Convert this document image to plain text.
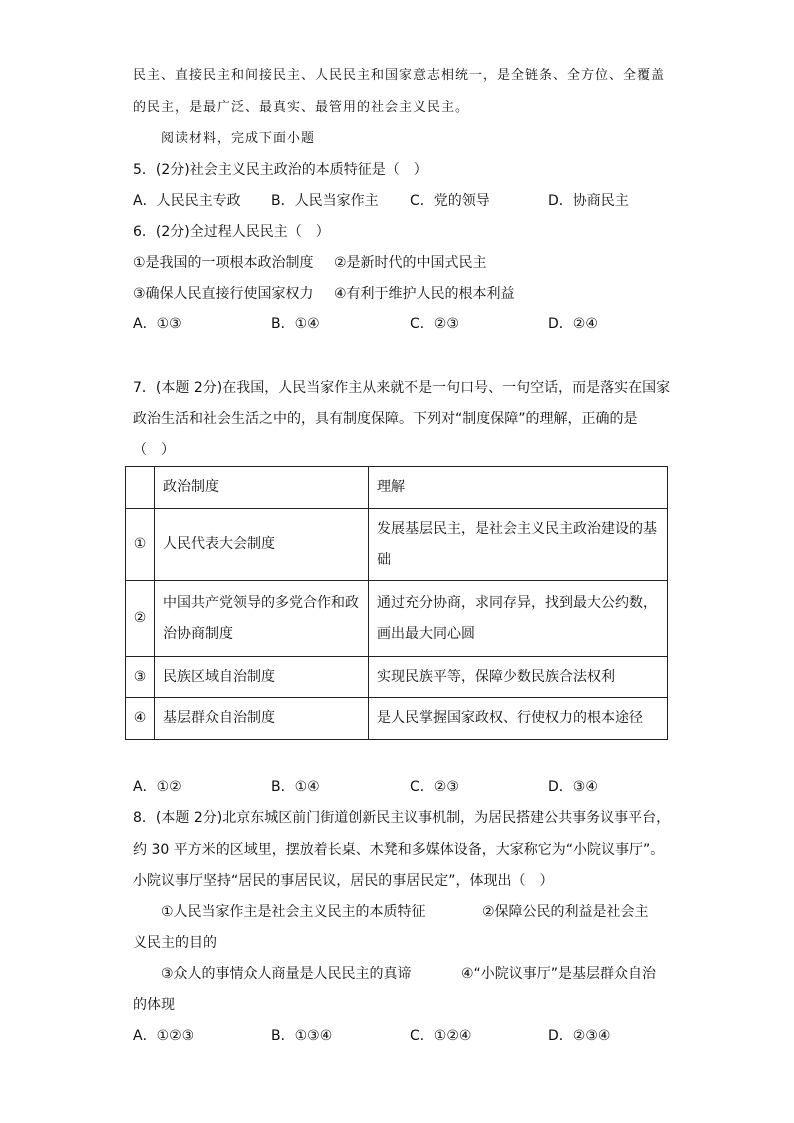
民主、直接民主和间接民主、人民民主和国家意志相统一，是全链条、全方位、全覆盖
的民主，是最广泛、最真实、最管用的社会主义民主。
阅读材料，完成下面小题
5．(2分)社会主义民主政治的本质特征是（　）
A．人民民主专政 B．人民当家作主 C．党的领导	D．协商民主
6．(2分)全过程人民民主（　）
①是我国的一项根本政治制度 ②是新时代的中国式民主
③确保人民直接行使国家权力 ④有利于维护人民的根本利益
A．①③	B．①④	C．②③	D．②④
7．(本题 2分)在我国，人民当家作主从来就不是一句口号、一句空话，而是落实在国家
政治生活和社会生活之中的，具有制度保障。下列对“制度保障”的理解，正确的是
（　）
	政治制度	理解
①	人民代表大会制度	发展基层民主，是社会主义民主政治建设的基础
②	中国共产党领导的多党合作和政治协商制度	通过充分协商，求同存异，找到最大公约数，画出最大同心圆
③	民族区域自治制度	实现民族平等，保障少数民族合法权利
④	基层群众自治制度	是人民掌握国家政权、行使权力的根本途径
A．①②	B．①④	C．②③	D．③④
8．(本题 2分)北京东城区前门街道创新民主议事机制，为居民搭建公共事务议事平台，
约 30 平方米的区域里，摆放着长桌、木凳和多媒体设备，大家称它为“小院议事厅”。
小院议事厅坚持“居民的事居民议，居民的事居民定”，体现出（　）
①人民当家作主是社会主义民主的本质特征	②保障公民的利益是社会主
义民主的目的
③众人的事情众人商量是人民民主的真谛	④“小院议事厅”是基层群众自治
的体现
A．①②③	B．①③④	C．①②④	D．②③④
